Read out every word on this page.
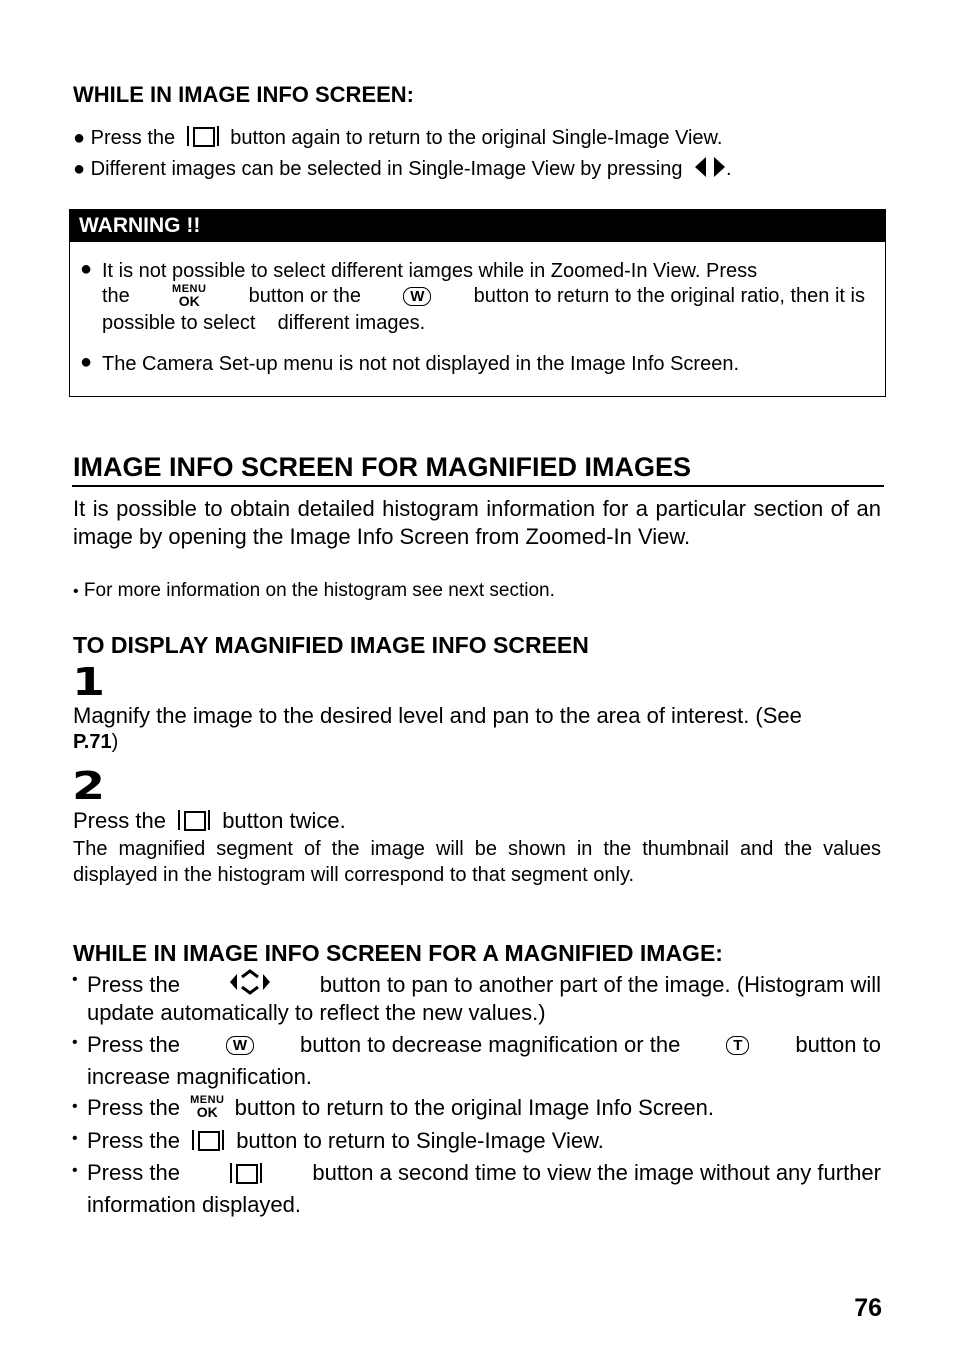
WHILE IN IMAGE INFO SCREEN:
● Press the	button again to return to the original Single-Image View.
● Different images can be selected in Single-Image View by pressing .
WARNING !!
● It is not possible to select different iamges while in Zoomed-In View. Press
the	MENU
OK	button or the	W	button to return to the original ratio, then it is
possible to select    different images.
● The Camera Set-up menu is not not displayed in the Image Info Screen.
IMAGE INFO SCREEN FOR MAGNIFIED IMAGES
It is possible to obtain detailed histogram information for a particular section of an image by opening the Image Info Screen from Zoomed-In View.
• For more information on the histogram see next section.
TO DISPLAY MAGNIFIED IMAGE INFO SCREEN
1
Magnify the image to the desired level and pan to the area of interest. (See
P.71)
2
Press the	button twice.
The magnified segment of the image will be shown in the thumbnail and the values displayed in the histogram will correspond to that segment only.
WHILE IN IMAGE INFO SCREEN FOR A MAGNIFIED IMAGE:
• Press the	button to pan to another part of the image. (Histogram will
update automatically to reflect the new values.)
• Press the	W	button to decrease magnification or the	T	button to
increase magnification.
• Press the MENU
OK button to return to the original Image Info Screen.
• Press the	button to return to Single-Image View.
• Press the	button a second time to view the image without any further
information displayed.
76
